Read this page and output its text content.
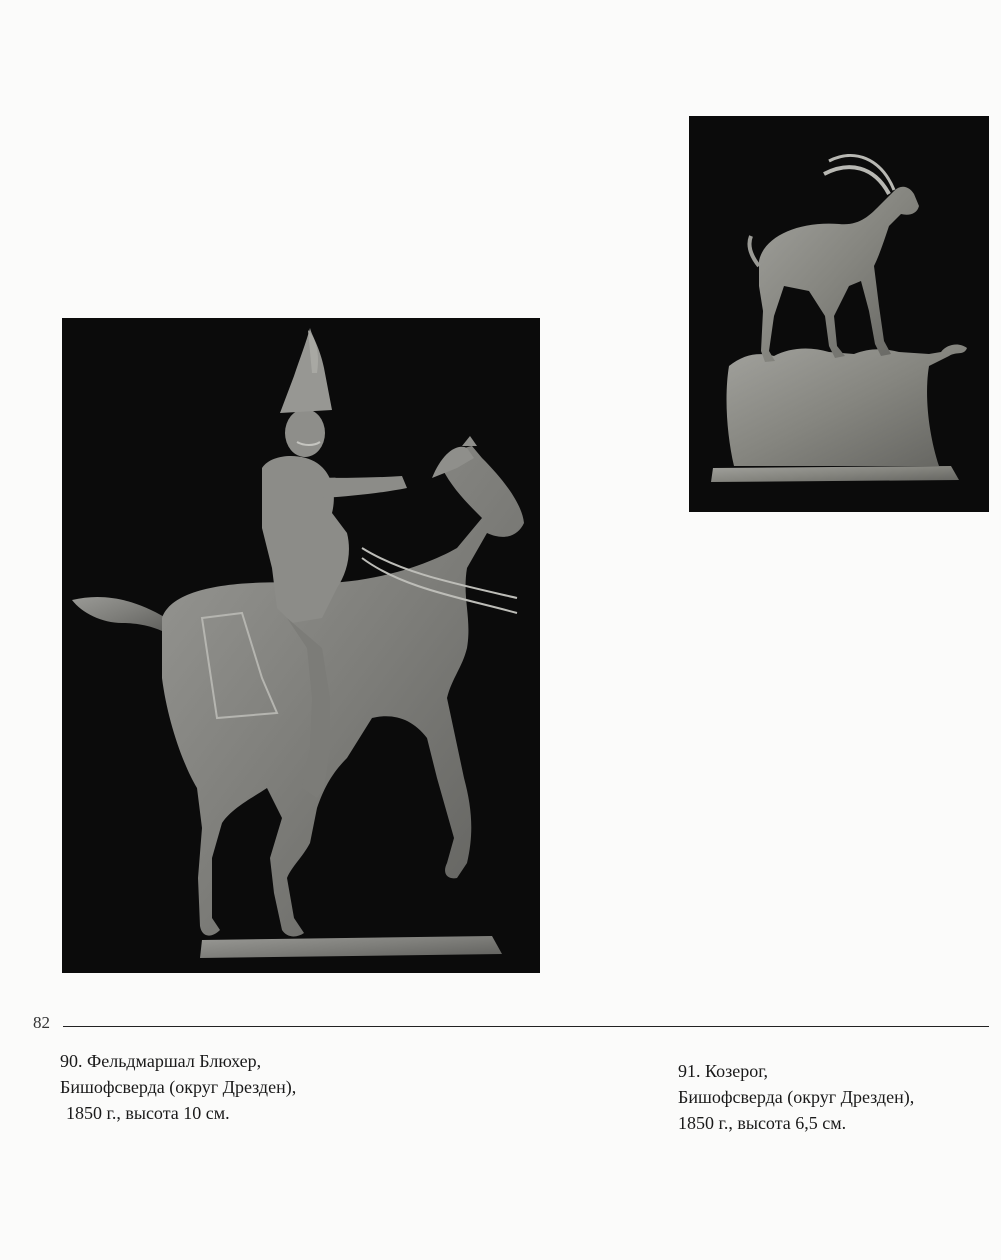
82
90. Фельдмаршал Блюхер,
Бишофсверда (округ Дрезден),
1850 г., высота 10 см.
91. Козерог,
Бишофсверда (округ Дрезден),
1850 г., высота 6,5 см.
